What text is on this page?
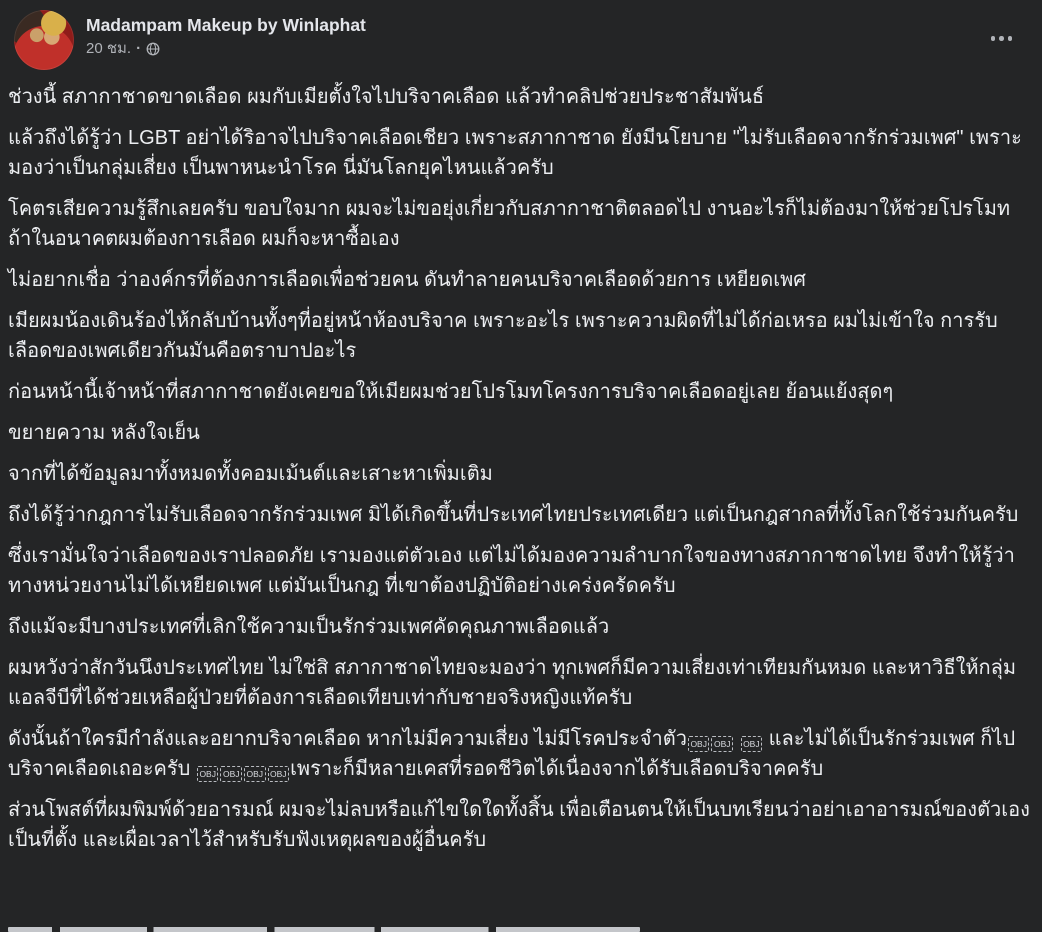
Madampam Makeup by Winlaphat
20 ชม. ·

ช่วงนี้ สภากาชาดขาดเลือด ผมกับเมียตั้งใจไปบริจาคเลือด แล้วทำคลิปช่วยประชาสัมพันธ์

แล้วถึงได้รู้ว่า LGBT อย่าได้ริอาจไปบริจาคเลือดเชียว เพราะสภากาชาด ยังมีนโยบาย "ไม่รับเลือดจากรักร่วมเพศ" เพราะมองว่าเป็นกลุ่มเสี่ยง เป็นพาหนะนำโรค นี่มันโลกยุคไหนแล้วครับ

โคตรเสียความรู้สึกเลยครับ ขอบใจมาก ผมจะไม่ขอยุ่งเกี่ยวกับสภากาชาติตลอดไป งานอะไรก็ไม่ต้องมาให้ช่วยโปรโมท ถ้าในอนาคตผมต้องการเลือด ผมก็จะหาซื้อเอง

ไม่อยากเชื่อ ว่าองค์กรที่ต้องการเลือดเพื่อช่วยคน ดันทำลายคนบริจาคเลือดด้วยการ เหยียดเพศ

เมียผมน้องเดินร้องไห้กลับบ้านทั้งๆที่อยู่หน้าห้องบริจาค เพราะอะไร เพราะความผิดที่ไม่ได้ก่อเหรอ ผมไม่เข้าใจ การรับเลือดของเพศเดียวกันมันคือตราบาปอะไร

ก่อนหน้านี้เจ้าหน้าที่สภากาชาดยังเคยขอให้เมียผมช่วยโปรโมทโครงการบริจาคเลือดอยู่เลย ย้อนแย้งสุดๆ

ขยายความ หลังใจเย็น

จากที่ได้ข้อมูลมาทั้งหมดทั้งคอมเม้นต์และเสาะหาเพิ่มเติม

ถึงได้รู้ว่ากฎการไม่รับเลือดจากรักร่วมเพศ มิได้เกิดขึ้นที่ประเทศไทยประเทศเดียว แต่เป็นกฎสากลที่ทั้งโลกใช้ร่วมกันครับ

ซึ่งเรามั่นใจว่าเลือดของเราปลอดภัย เรามองแต่ตัวเอง แต่ไม่ได้มองความลำบากใจของทางสภากาชาดไทย จึงทำให้รู้ว่า ทางหน่วยงานไม่ได้เหยียดเพศ แต่มันเป็นกฎ ที่เขาต้องปฏิบัติอย่างเคร่งครัดครับ

ถึงแม้จะมีบางประเทศที่เลิกใช้ความเป็นรักร่วมเพศคัดคุณภาพเลือดแล้ว

ผมหวังว่าสักวันนึงประเทศไทย ไม่ใช่สิ สภากาชาดไทยจะมองว่า ทุกเพศก็มีความเสี่ยงเท่าเทียมกันหมด และหาวิธีให้กลุ่มแอลจีบีที่ได้ช่วยเหลือผู้ป่วยที่ต้องการเลือดเทียบเท่ากับชายจริงหญิงแท้ครับ

ดังนั้นถ้าใครมีกำลังและอยากบริจาคเลือด หากไม่มีความเสี่ยง ไม่มีโรคประจำตัว OBJ OBJ OBJ และไม่ได้เป็นรักร่วมเพศ ก็ไปบริจาคเลือดเถอะครับ OBJ OBJ OBJ OBJ เพราะก็มีหลายเคสที่รอดชีวิตได้เนื่องจากได้รับเลือดบริจาคครับ

ส่วนโพสต์ที่ผมพิมพ์ด้วยอารมณ์ ผมจะไม่ลบหรือแก้ไขใดใดทั้งสิ้น เพื่อเตือนตนให้เป็นบทเรียนว่าอย่าเอาอารมณ์ของตัวเองเป็นที่ตั้ง และเผื่อเวลาไว้สำหรับรับฟังเหตุผลของผู้อื่นครับ
